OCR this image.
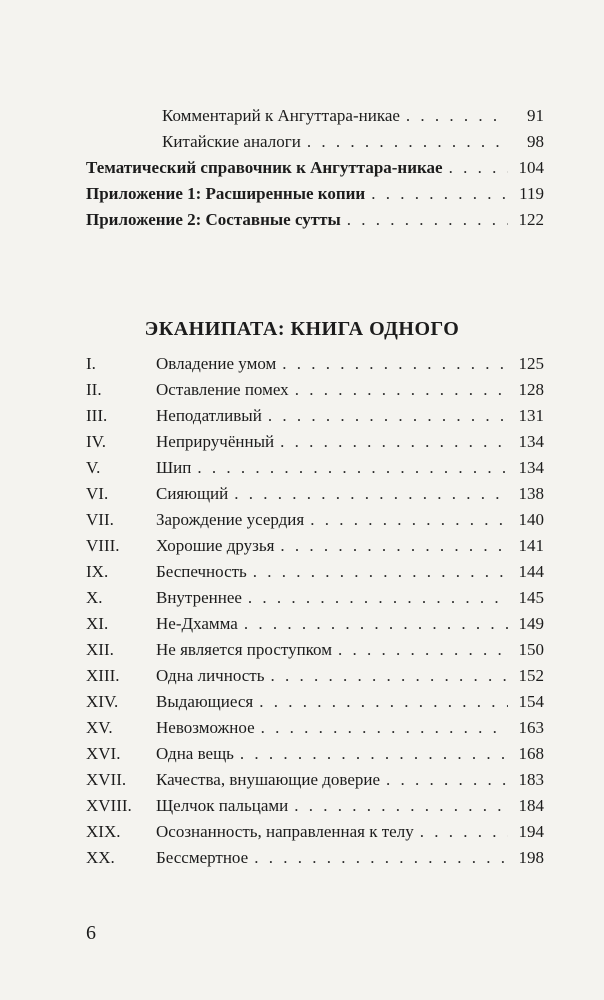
Комментарий к Ангуттара-никае . . .	91
Китайские аналоги . . .	98
Тематический справочник к Ангуттара-никае . . .	104
Приложение 1: Расширенные копии . . .	119
Приложение 2: Составные сутты . . .	122
ЭКАНИПАТА: КНИГА ОДНОГО
I.	Овладение умом . . .	125
II.	Оставление помех . . .	128
III.	Неподатливый . . .	131
IV.	Неприручённый . . .	134
V.	Шип . . .	134
VI.	Сияющий . . .	138
VII. Зарождение усердия . . .	140
VIII. Хорошие друзья . . .	141
IX.	Беспечность . . .	144
X.	Внутреннее . . .	145
XI.	Не-Дхамма . . .	149
XII. Не является проступком . . .	150
XIII. Одна личность . . .	152
XIV. Выдающиеся . . .	154
XV.	Невозможное . . .	163
XVI. Одна вещь . . .	168
XVII. Качества, внушающие доверие . . .	183
XVIII. Щелчок пальцами . . .	184
XIX. Осознанность, направленная к телу . . .	194
XX. Бессмертное . . .	198
6
